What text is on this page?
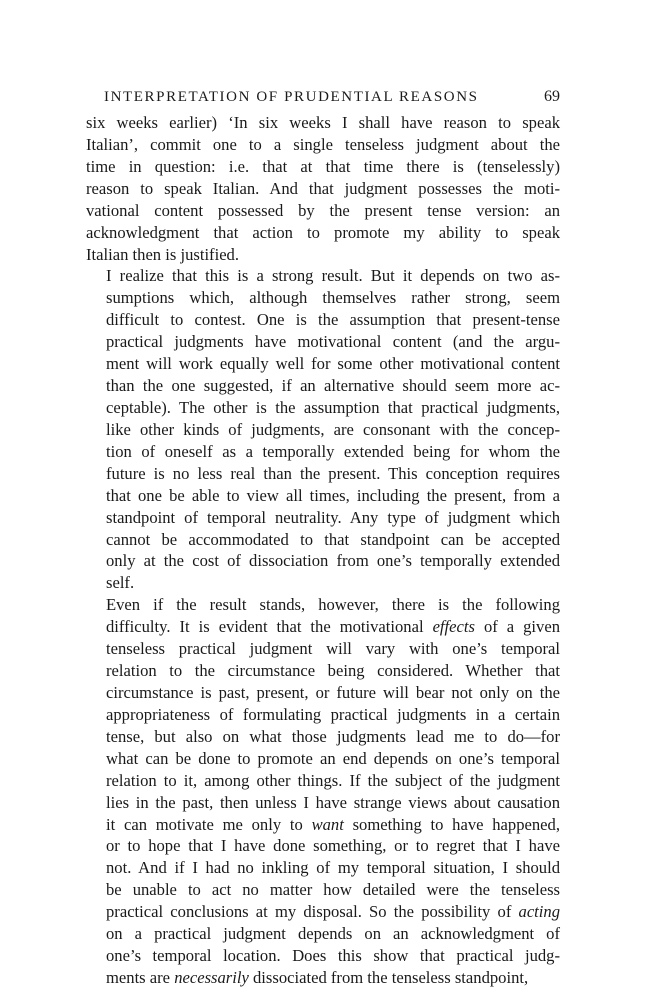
INTERPRETATION OF PRUDENTIAL REASONS	69

six weeks earlier) ‘In six weeks I shall have reason to speak
Italian’, commit one to a single tenseless judgment about the
time in question: i.e. that at that time there is (tenselessly)
reason to speak Italian. And that judgment possesses the moti-
vational content possessed by the present tense version: an
acknowledgment that action to promote my ability to speak
Italian then is justified.

I realize that this is a strong result. But it depends on two as-
sumptions which, although themselves rather strong, seem
difficult to contest. One is the assumption that present-tense
practical judgments have motivational content (and the argu-
ment will work equally well for some other motivational content
than the one suggested, if an alternative should seem more ac-
ceptable). The other is the assumption that practical judgments,
like other kinds of judgments, are consonant with the concep-
tion of oneself as a temporally extended being for whom the
future is no less real than the present. This conception requires
that one be able to view all times, including the present, from a
standpoint of temporal neutrality. Any type of judgment which
cannot be accommodated to that standpoint can be accepted
only at the cost of dissociation from one’s temporally extended
self.

Even if the result stands, however, there is the following
difficulty. It is evident that the motivational effects of a given
tenseless practical judgment will vary with one’s temporal
relation to the circumstance being considered. Whether that
circumstance is past, present, or future will bear not only on the
appropriateness of formulating practical judgments in a certain
tense, but also on what those judgments lead me to do—for
what can be done to promote an end depends on one’s temporal
relation to it, among other things. If the subject of the judgment
lies in the past, then unless I have strange views about causation
it can motivate me only to want something to have happened,
or to hope that I have done something, or to regret that I have
not. And if I had no inkling of my temporal situation, I should
be unable to act no matter how detailed were the tenseless
practical conclusions at my disposal. So the possibility of acting
on a practical judgment depends on an acknowledgment of
one’s temporal location. Does this show that practical judg-
ments are necessarily dissociated from the tenseless standpoint,
